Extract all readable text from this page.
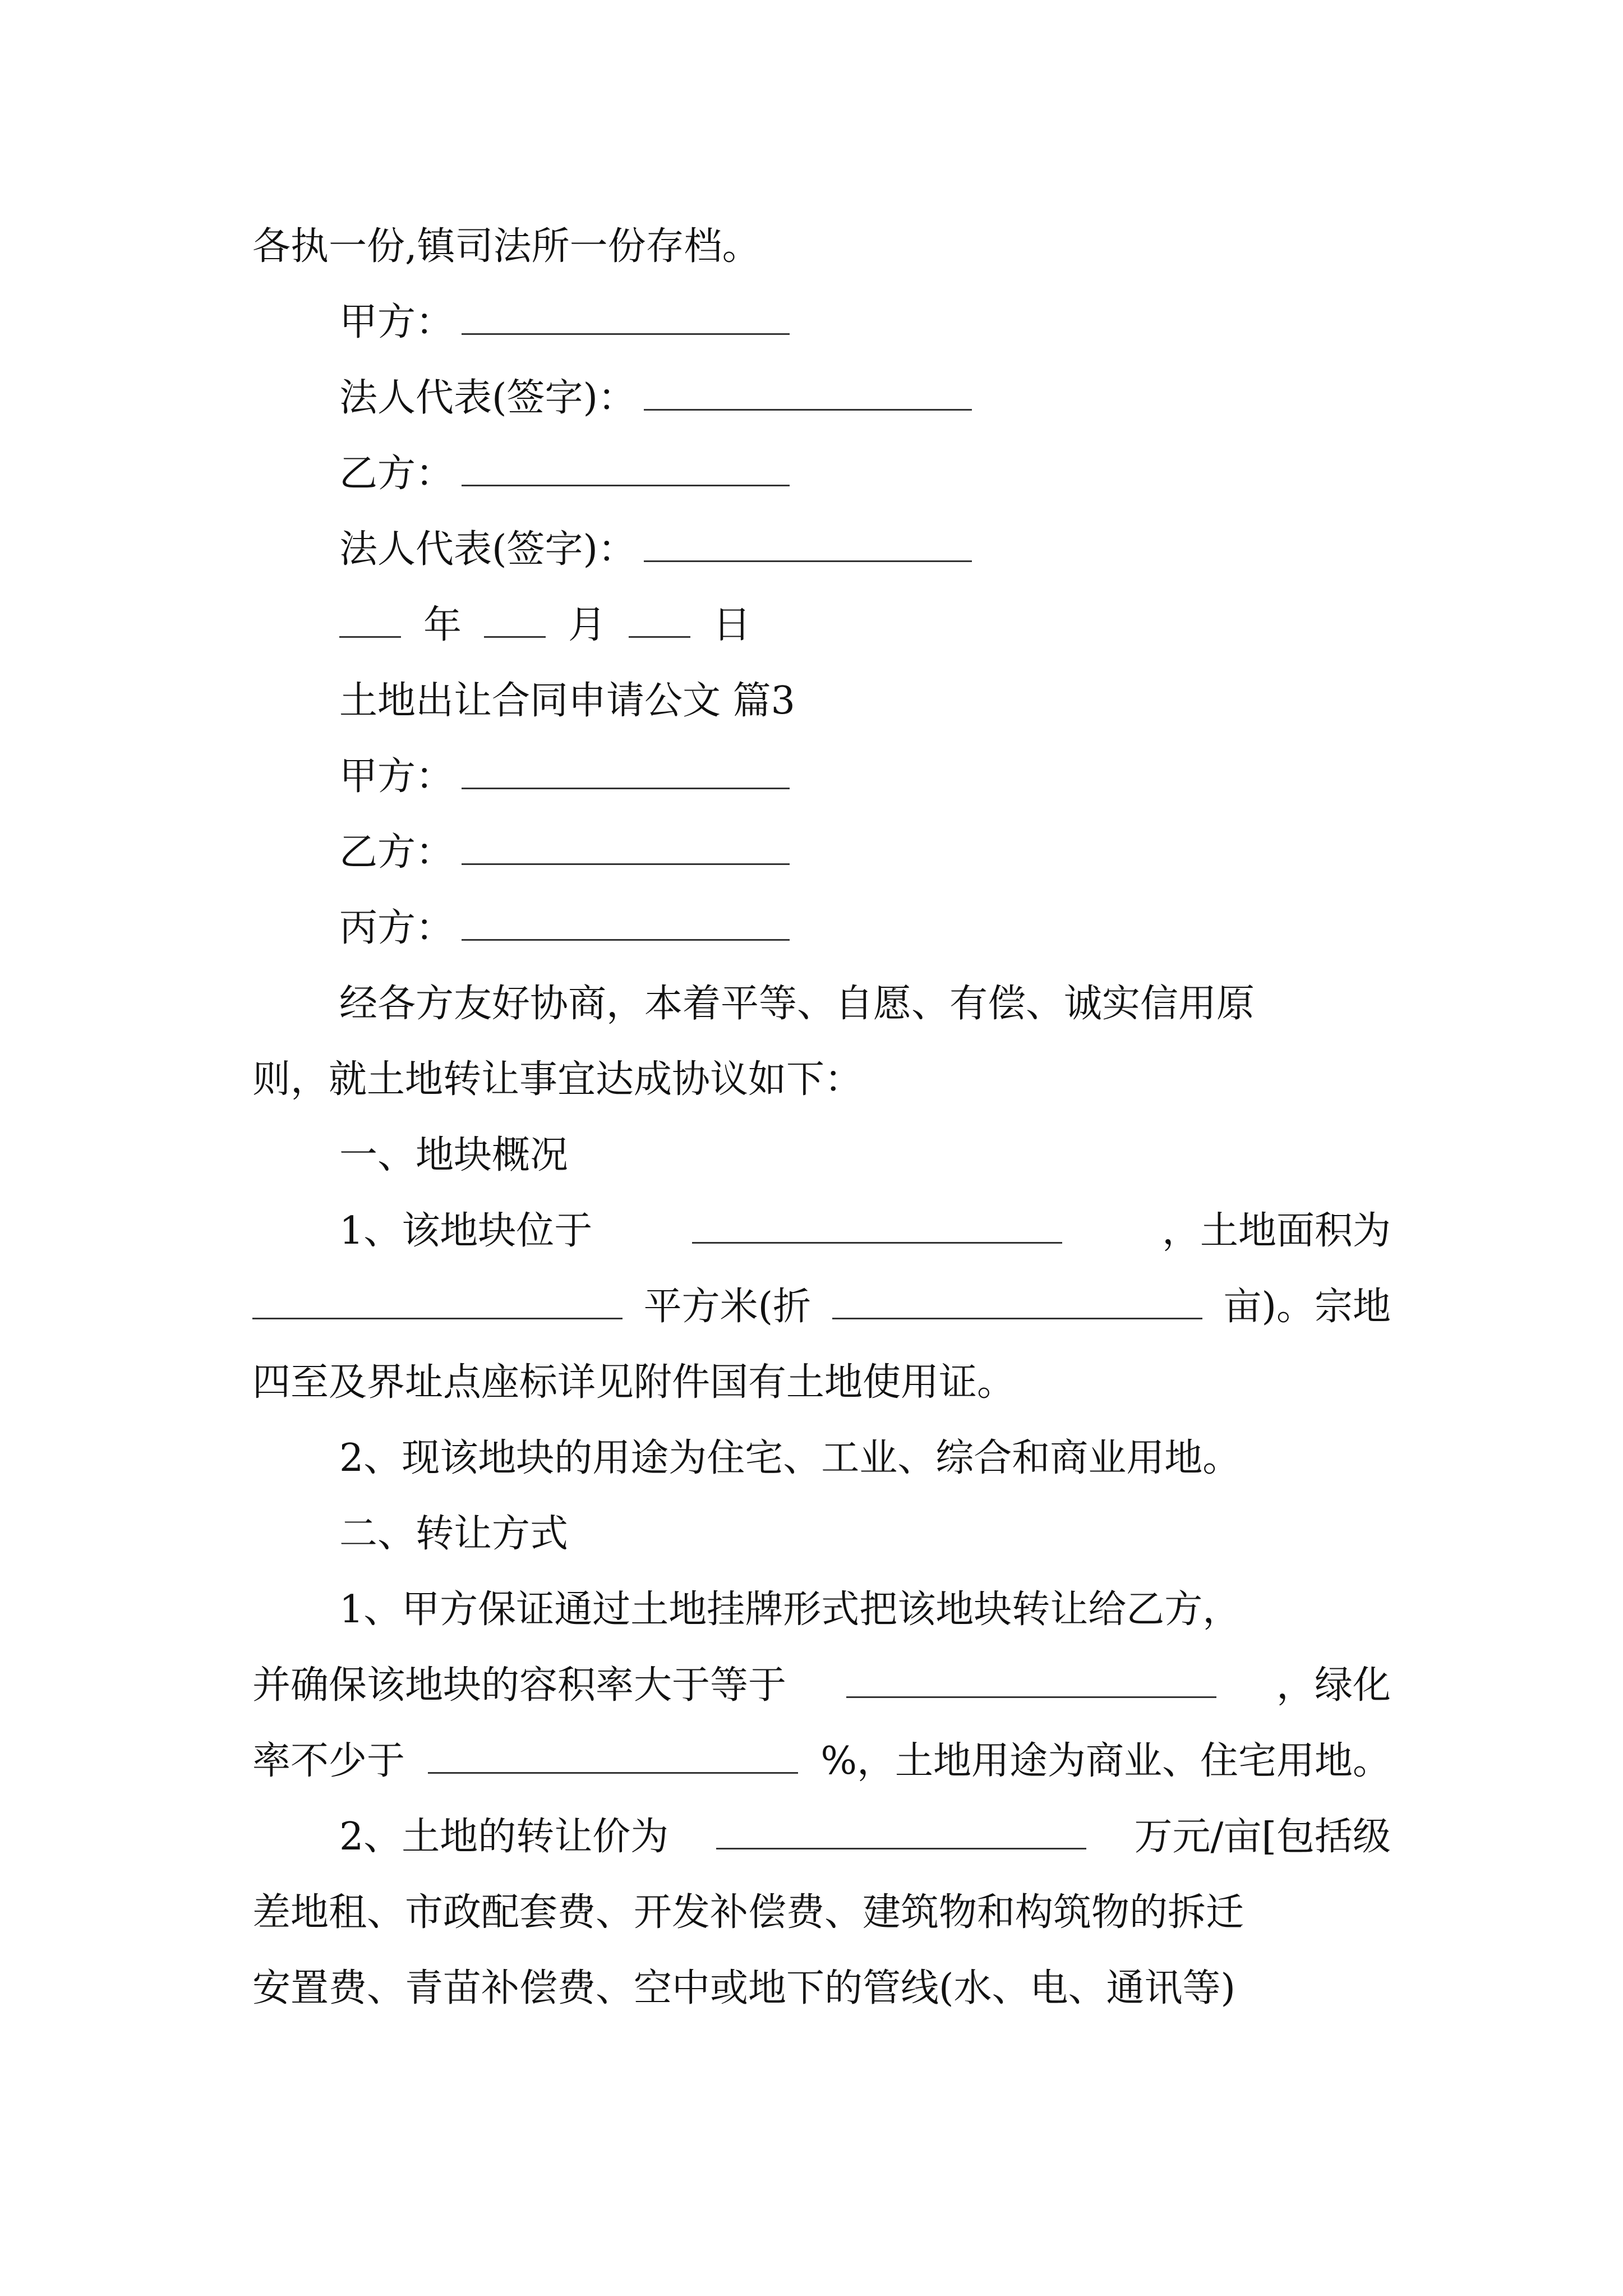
各执一份,镇司法所一份存档。
甲方：
法人代表(签字)：
乙方：
法人代表(签字)：
年	月	日
土地出让合同申请公文 篇3
甲方：
乙方：
丙方：
经各方友好协商，本着平等、自愿、有偿、诚实信用原
则，就土地转让事宜达成协议如下：
一、地块概况
1、该地块位于	，土地面积为
平方米(折	亩)。宗地
四至及界址点座标详见附件国有土地使用证。
2、现该地块的用途为住宅、工业、综合和商业用地。
二、转让方式
1、甲方保证通过土地挂牌形式把该地块转让给乙方，
并确保该地块的容积率大于等于	，绿化
率不少于	%，土地用途为商业、住宅用地。
2、土地的转让价为	万元/亩[包括级
差地租、市政配套费、开发补偿费、建筑物和构筑物的拆迁
安置费、青苗补偿费、空中或地下的管线(水、电、通讯等)
